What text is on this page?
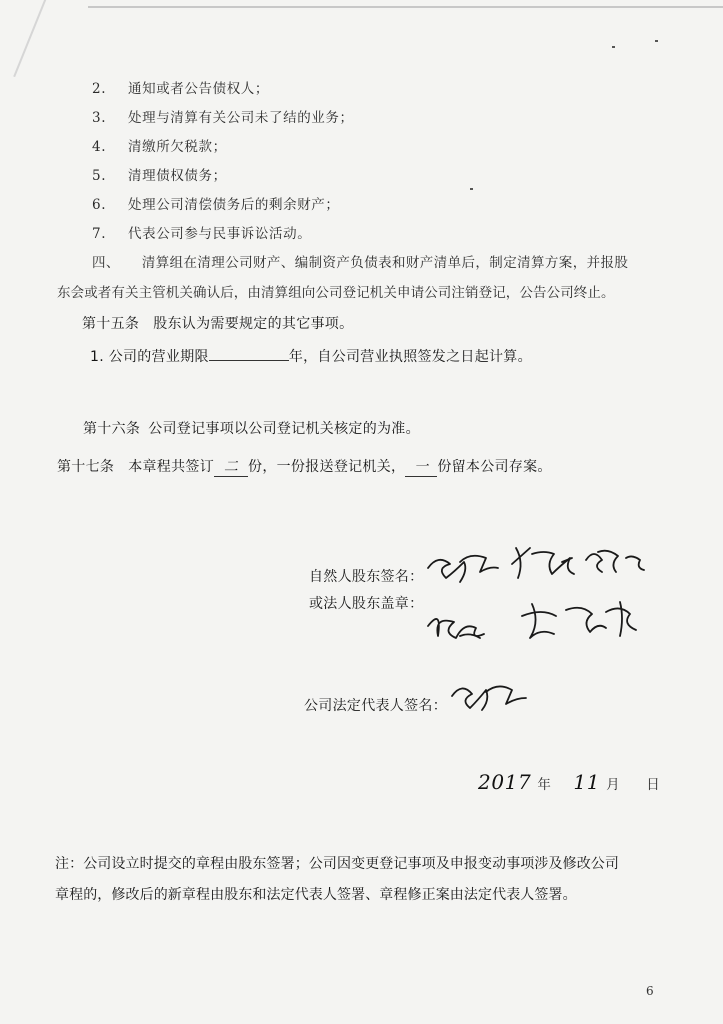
2. 通知或者公告债权人；
3. 处理与清算有关公司未了结的业务；
4. 清缴所欠税款；
5. 清理债权债务；
6. 处理公司清偿债务后的剩余财产；
7. 代表公司参与民事诉讼活动。
四、 清算组在清理公司财产、编制资产负债表和财产清单后，制定清算方案，并报股
东会或者有关主管机关确认后，由清算组向公司登记机关申请公司注销登记，公告公司终止。
第十五条 股东认为需要规定的其它事项。
1. 公司的营业期限	年，自公司营业执照签发之日起计算。
第十六条 公司登记事项以公司登记机关核定的为准。
第十七条 本章程共签订 二 份，一份报送登记机关， 一 份留本公司存案。
自然人股东签名：
或法人股东盖章：
公司法定代表人签名：
2017 年 11 月 日
注：公司设立时提交的章程由股东签署；公司因变更登记事项及申报变动事项涉及修改公司
章程的，修改后的新章程由股东和法定代表人签署、章程修正案由法定代表人签署。
6
